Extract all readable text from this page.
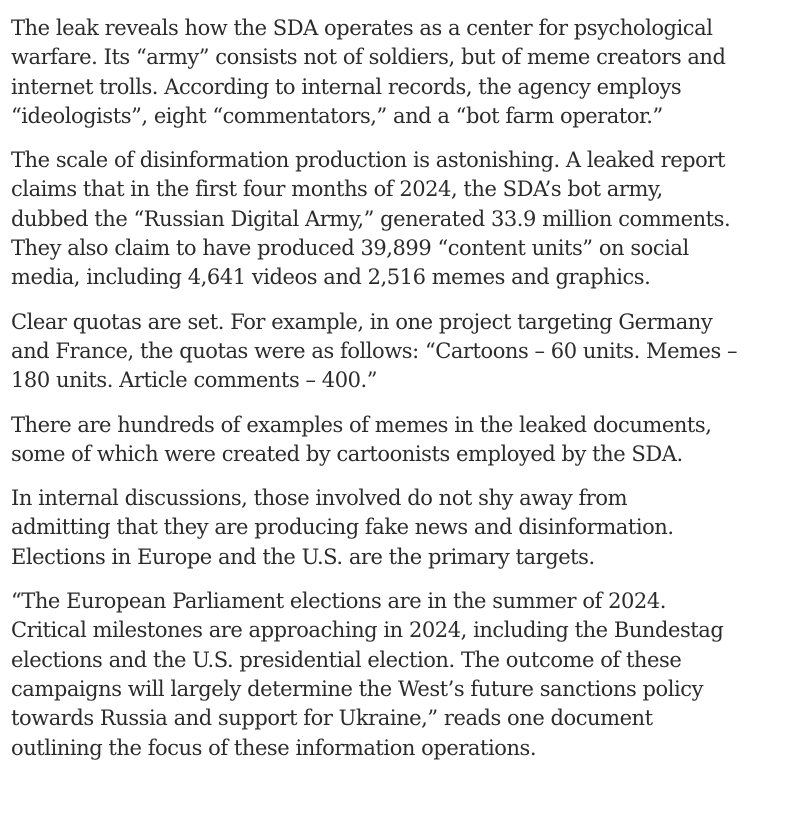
The leak reveals how the SDA operates as a center for psychological
warfare. Its “army” consists not of soldiers, but of meme creators and
internet trolls. According to internal records, the agency employs
“ideologists”, eight “commentators,” and a “bot farm operator.”

The scale of disinformation production is astonishing. A leaked report
claims that in the first four months of 2024, the SDA’s bot army,
dubbed the “Russian Digital Army,” generated 33.9 million comments.
They also claim to have produced 39,899 “content units” on social
media, including 4,641 videos and 2,516 memes and graphics.

Clear quotas are set. For example, in one project targeting Germany
and France, the quotas were as follows: “Cartoons – 60 units. Memes –
180 units. Article comments – 400.”

There are hundreds of examples of memes in the leaked documents,
some of which were created by cartoonists employed by the SDA.

In internal discussions, those involved do not shy away from
admitting that they are producing fake news and disinformation.
Elections in Europe and the U.S. are the primary targets.

“The European Parliament elections are in the summer of 2024.
Critical milestones are approaching in 2024, including the Bundestag
elections and the U.S. presidential election. The outcome of these
campaigns will largely determine the West’s future sanctions policy
towards Russia and support for Ukraine,” reads one document
outlining the focus of these information operations.
